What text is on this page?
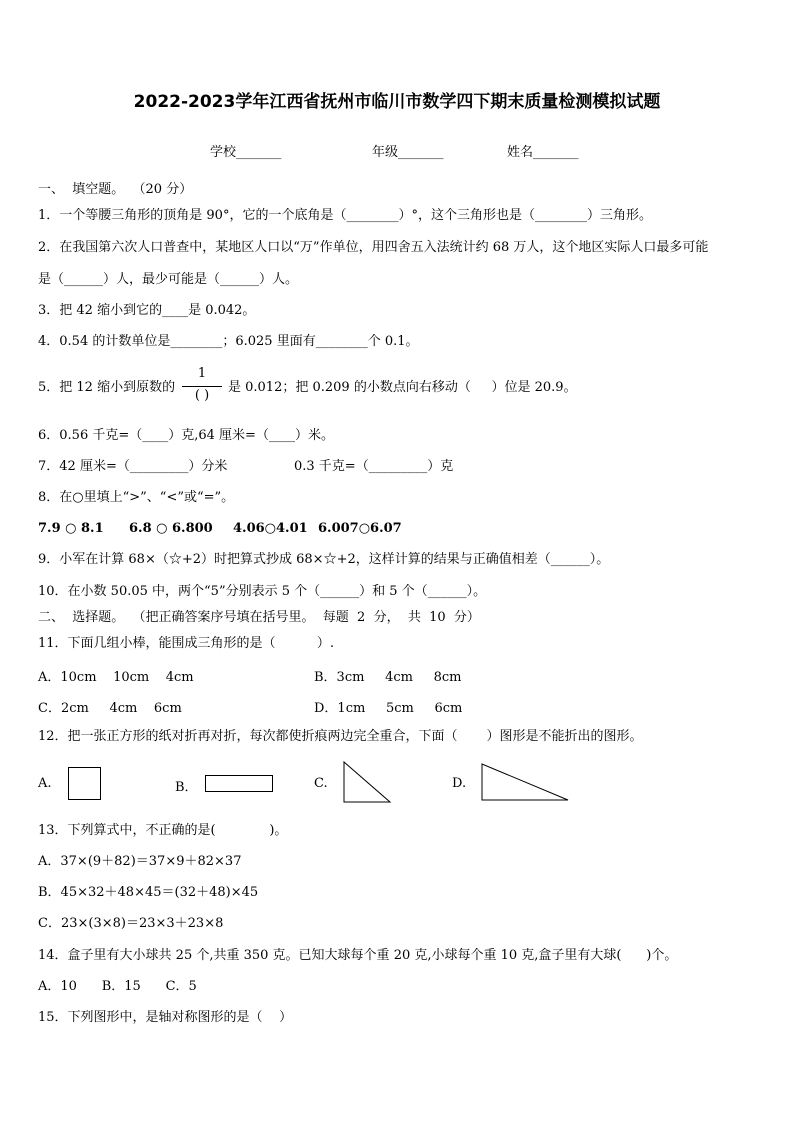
2022-2023学年江西省抚州市临川市数学四下期末质量检测模拟试题
学校_______	年级_______	姓名_______
一、  填空题。  （20 分）
1．一个等腰三角形的顶角是 90°，它的一个底角是（________）°，这个三角形也是（________）三角形。
2．在我国第六次人口普查中，某地区人口以“万”作单位，用四舍五入法统计约 68 万人，这个地区实际人口最多可能
是（______）人，最少可能是（______）人。
3．把 42 缩小到它的____是 0.042。
4．0.54 的计数单位是________；6.025 里面有________个 0.1。
5．把 12 缩小到原数的
1
( )
是 0.012；把 0.209 的小数点向右移动（     ）位是 20.9。
6．0.56 千克=（____）克,64 厘米=（____）米。
7．42 厘米=（_________）分米	0.3 千克=（_________）克
8．在○里填上“>”、“<”或“=”。
7.9 ○ 8.1 6.8 ○ 6.800 4.06○4.01 6.007○6.07
9．小军在计算 68×（☆+2）时把算式抄成 68×☆+2，这样计算的结果与正确值相差（______）。
10．在小数 50.05 中，两个“5”分别表示 5 个（______）和 5 个（______）。
二、  选择题。  （把正确答案序号填在括号里。  每题  2  分，  共  10  分）
11．下面几组小棒，能围成三角形的是（          ）.
A．10cm    10cm    4cm	B．3cm     4cm     8cm
C．2cm     4cm    6cm	D．1cm     5cm     6cm
12．把一张正方形的纸对折再对折，每次都使折痕两边完全重合，下面（       ）图形是不能折出的图形。
A.	B．	C.	D.
13．下列算式中，不正确的是(             )。
A．37×(9＋82)＝37×9＋82×37
B．45×32＋48×45＝(32＋48)×45
C．23×(3×8)＝23×3＋23×8
14．盒子里有大小球共 25 个,共重 350 克。已知大球每个重 20 克,小球每个重 10 克,盒子里有大球(      )个。
A．10      B．15      C．5
15．下列图形中，是轴对称图形的是（    ）
